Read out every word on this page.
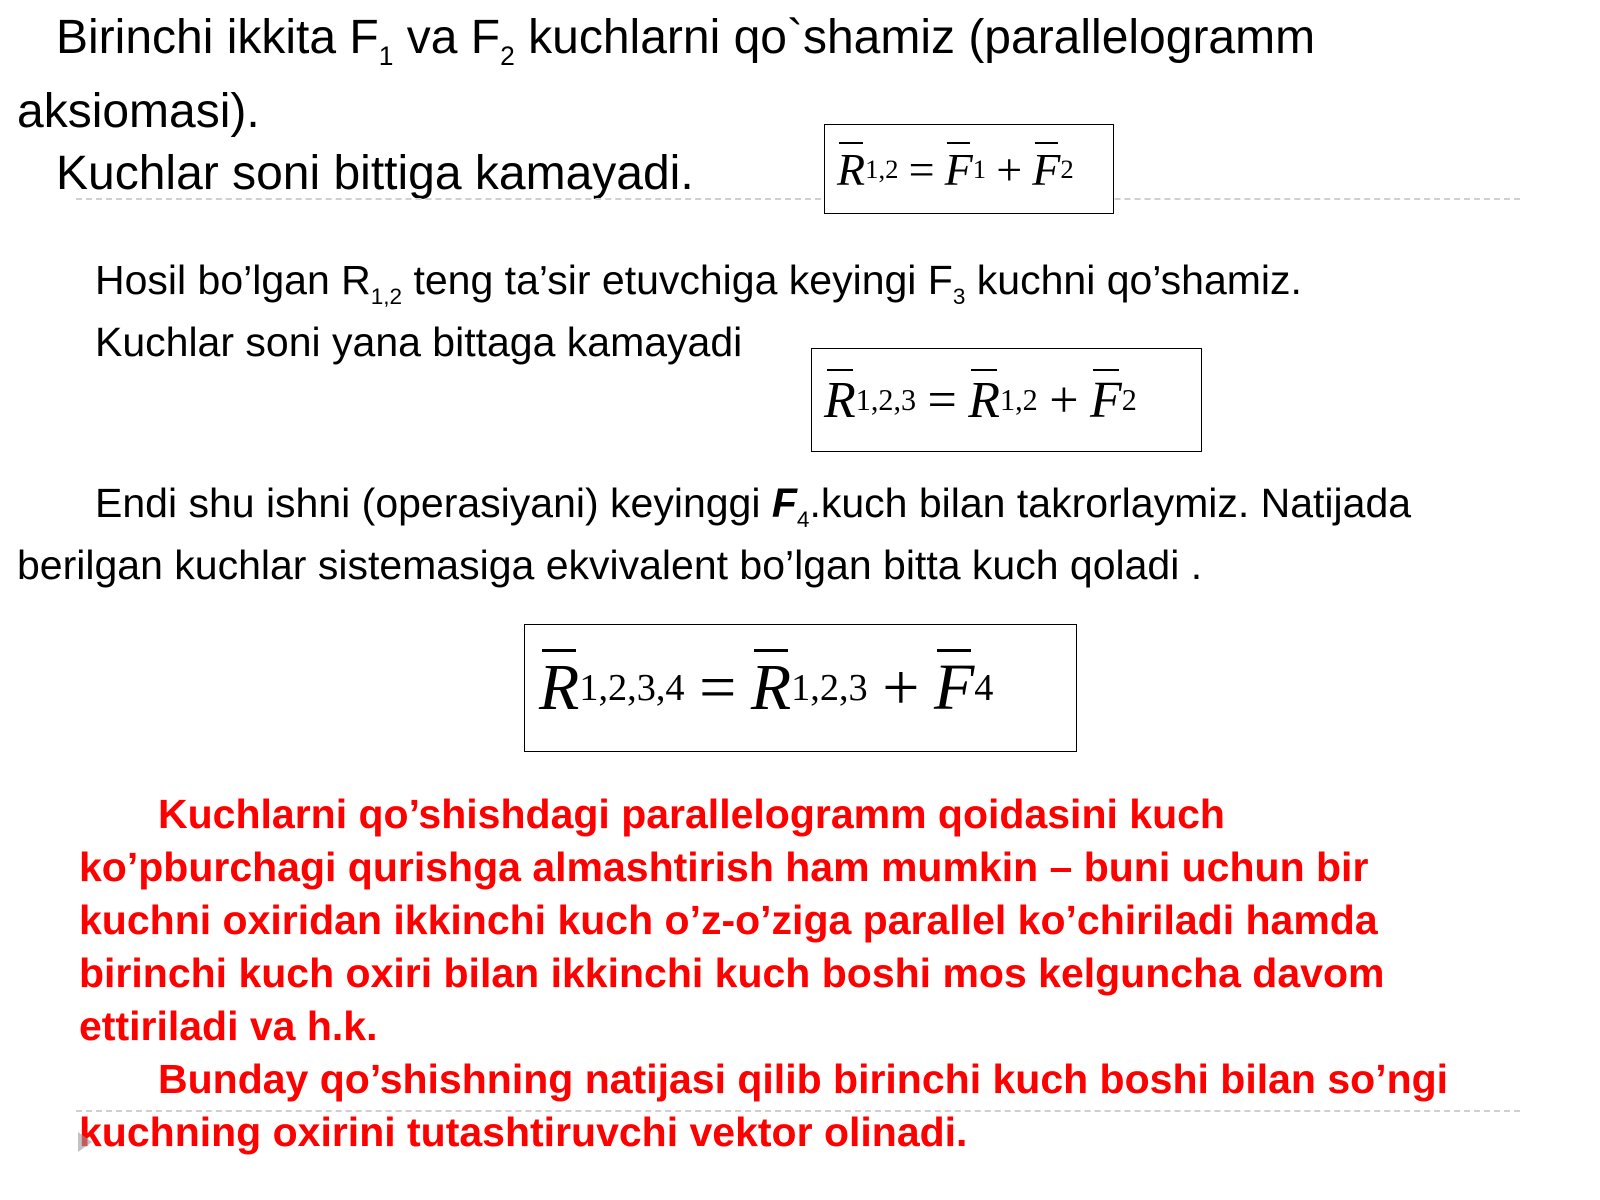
Birinchi ikkita $F_1$ va $F_2$ kuchlarni qo`shamiz (parallelogramm
aksiomasi).
Kuchlar soni bittiga kamayadi.	R 1,2 = F 1 + F 2
Hosil bo’lgan $R_{1,2}$ teng ta’sir etuvchiga keyingi $F_3$ kuchni qo’shamiz.
Kuchlar soni yana bittaga kamayadi
R 1,2,3 = R 1,2 + F 2
Endi shu ishni (operasiyani) keyinggi $F_4.kuch$ bilan takrorlaymiz. Natijada
berilgan kuchlar sistemasiga ekvivalent bo’lgan bitta kuch qoladi .
R 1,2,3,4 = R 1,2,3 + F 4
Kuchlarni qo’shishdagi parallelogramm qoidasini kuch
ko’pburchagi qurishga almashtirish ham mumkin – buni uchun bir
kuchni oxiridan ikkinchi kuch o’z-o’ziga parallel ko’chiriladi hamda
birinchi kuch oxiri bilan ikkinchi kuch boshi mos kelguncha davom
ettiriladi va h.k.
Bunday qo’shishning natijasi qilib birinchi kuch boshi bilan so’ngi
kuchning oxirini tutashtiruvchi vektor olinadi.
